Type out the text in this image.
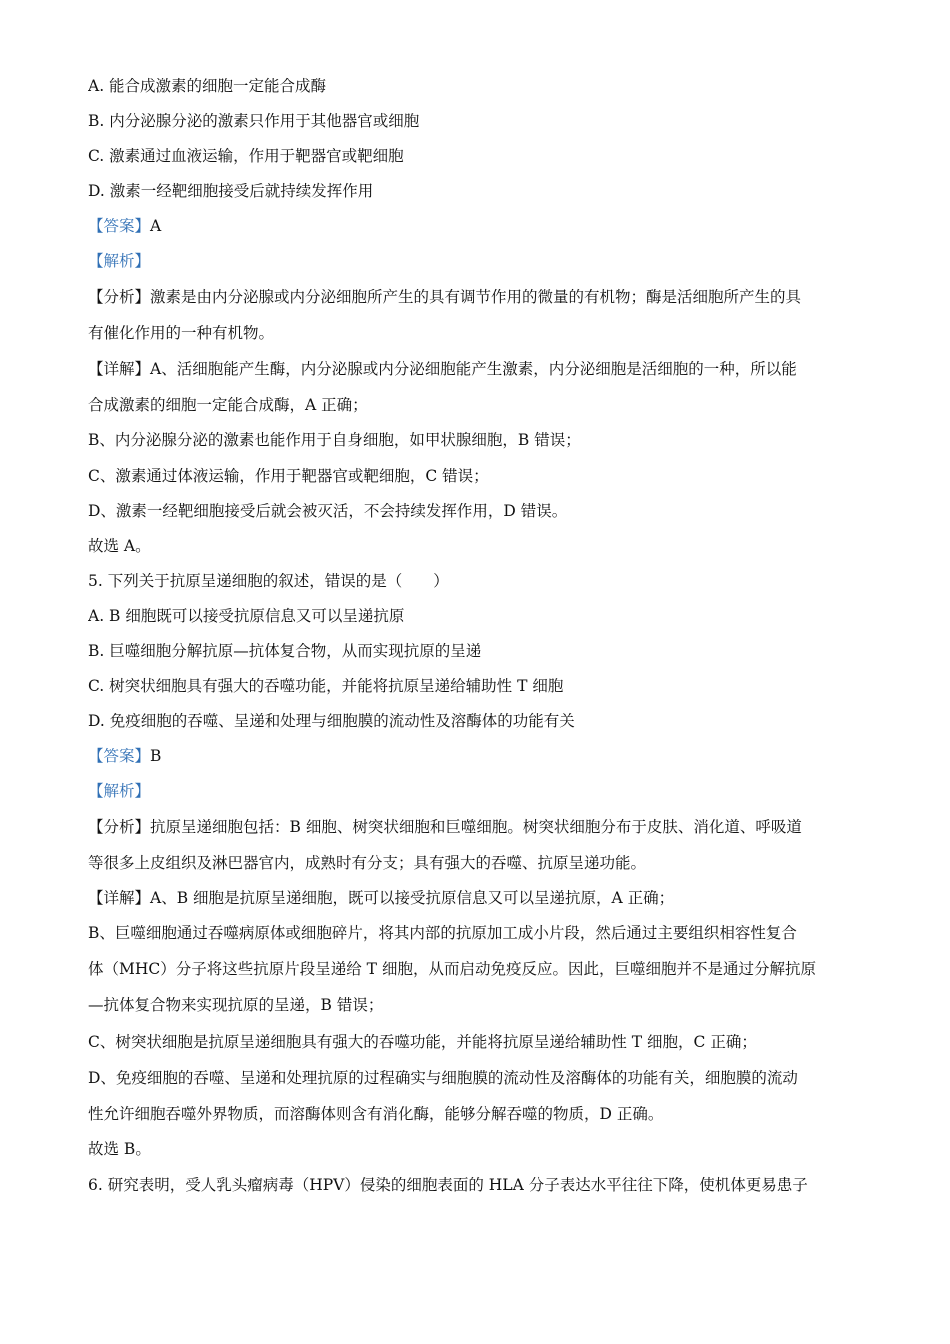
A. 能合成激素的细胞一定能合成酶
B. 内分泌腺分泌的激素只作用于其他器官或细胞
C. 激素通过血液运输，作用于靶器官或靶细胞
D. 激素一经靶细胞接受后就持续发挥作用
【答案】A
【解析】
【分析】激素是由内分泌腺或内分泌细胞所产生的具有调节作用的微量的有机物；酶是活细胞所产生的具
有催化作用的一种有机物。
【详解】A、活细胞能产生酶，内分泌腺或内分泌细胞能产生激素，内分泌细胞是活细胞的一种，所以能
合成激素的细胞一定能合成酶，A 正确；
B、内分泌腺分泌的激素也能作用于自身细胞，如甲状腺细胞，B 错误；
C、激素通过体液运输，作用于靶器官或靶细胞，C 错误；
D、激素一经靶细胞接受后就会被灭活，不会持续发挥作用，D 错误。
故选 A。
5. 下列关于抗原呈递细胞的叙述，错误的是（　　）
A. B 细胞既可以接受抗原信息又可以呈递抗原
B. 巨噬细胞分解抗原—抗体复合物，从而实现抗原的呈递
C. 树突状细胞具有强大的吞噬功能，并能将抗原呈递给辅助性 T 细胞
D. 免疫细胞的吞噬、呈递和处理与细胞膜的流动性及溶酶体的功能有关
【答案】B
【解析】
【分析】抗原呈递细胞包括：B 细胞、树突状细胞和巨噬细胞。树突状细胞分布于皮肤、消化道、呼吸道
等很多上皮组织及淋巴器官内，成熟时有分支；具有强大的吞噬、抗原呈递功能。
【详解】A、B 细胞是抗原呈递细胞，既可以接受抗原信息又可以呈递抗原，A 正确；
B、巨噬细胞通过吞噬病原体或细胞碎片，将其内部的抗原加工成小片段，然后通过主要组织相容性复合
体（MHC）分子将这些抗原片段呈递给 T 细胞，从而启动免疫反应。因此，巨噬细胞并不是通过分解抗原
—抗体复合物来实现抗原的呈递，B 错误；
C、树突状细胞是抗原呈递细胞具有强大的吞噬功能，并能将抗原呈递给辅助性 T 细胞，C 正确；
D、免疫细胞的吞噬、呈递和处理抗原的过程确实与细胞膜的流动性及溶酶体的功能有关，细胞膜的流动
性允许细胞吞噬外界物质，而溶酶体则含有消化酶，能够分解吞噬的物质，D 正确。
故选 B。
6. 研究表明，受人乳头瘤病毒（HPV）侵染的细胞表面的 HLA 分子表达水平往往下降，使机体更易患子
